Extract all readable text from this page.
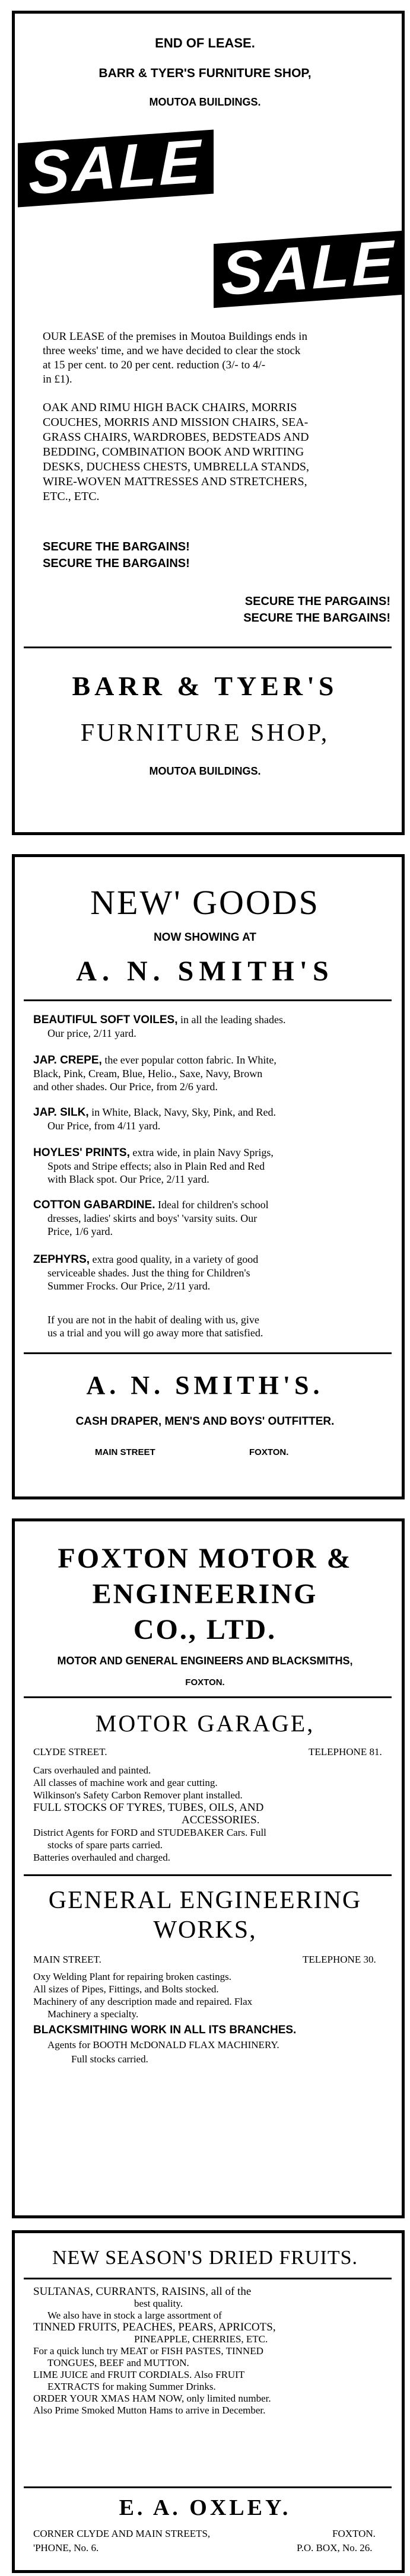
END OF LEASE.
BARR & TYER'S FURNITURE SHOP,
MOUTOA BUILDINGS.
SALE
SALE
OUR LEASE of the premises in Moutoa Buildings ends in
three weeks' time, and we have decided to clear the stock
at 15 per cent. to 20 per cent. reduction (3/- to 4/-
in £1).
OAK AND RIMU HIGH BACK CHAIRS, MORRIS
COUCHES, MORRIS AND MISSION CHAIRS, SEA-
GRASS CHAIRS, WARDROBES, BEDSTEADS AND
BEDDING, COMBINATION BOOK AND WRITING
DESKS, DUCHESS CHESTS, UMBRELLA STANDS,
WIRE-WOVEN MATTRESSES AND STRETCHERS,
ETC., ETC.
SECURE THE BARGAINS!
SECURE THE BARGAINS!
SECURE THE PARGAINS!
SECURE THE BARGAINS!
BARR & TYER'S
FURNITURE SHOP,
MOUTOA BUILDINGS.
NEW' GOODS
NOW SHOWING AT
A. N. SMITH'S
BEAUTIFUL SOFT VOILES, in all the leading shades.
Our price, 2/11 yard.
JAP. CREPE, the ever popular cotton fabric. In White,
Black, Pink, Cream, Blue, Helio., Saxe, Navy, Brown
and other shades. Our Price, from 2/6 yard.
JAP. SILK, in White, Black, Navy, Sky, Pink, and Red.
Our Price, from 4/11 yard.
HOYLES' PRINTS, extra wide, in plain Navy Sprigs,
Spots and Stripe effects; also in Plain Red and Red
with Black spot. Our Price, 2/11 yard.
COTTON GABARDINE. Ideal for children's school
dresses, ladies' skirts and boys' 'varsity suits. Our
Price, 1/6 yard.
ZEPHYRS, extra good quality, in a variety of good
serviceable shades. Just the thing for Children's
Summer Frocks. Our Price, 2/11 yard.
If you are not in the habit of dealing with us, give
us a trial and you will go away more that satisfied.
A. N. SMITH'S.
CASH DRAPER, MEN'S AND BOYS' OUTFITTER.
MAIN STREET	FOXTON.
FOXTON MOTOR &
ENGINEERING
CO., LTD.
MOTOR AND GENERAL ENGINEERS AND BLACKSMITHS,
FOXTON.
MOTOR GARAGE,
CLYDE STREET.	TELEPHONE 81.
Cars overhauled and painted.
All classes of machine work and gear cutting.
Wilkinson's Safety Carbon Remover plant installed.
FULL STOCKS OF TYRES, TUBES, OILS, AND
ACCESSORIES.
District Agents for FORD and STUDEBAKER Cars. Full
stocks of spare parts carried.
Batteries overhauled and charged.
GENERAL ENGINEERING
WORKS,
MAIN STREET.	TELEPHONE 30.
Oxy Welding Plant for repairing broken castings.
All sizes of Pipes, Fittings, and Bolts stocked.
Machinery of any description made and repaired. Flax
Machinery a specialty.
BLACKSMITHING WORK IN ALL ITS BRANCHES.
Agents for BOOTH McDONALD FLAX MACHINERY.
Full stocks carried.
NEW SEASON'S DRIED FRUITS.
SULTANAS, CURRANTS, RAISINS, all of the
best quality.
We also have in stock a large assortment of
TINNED FRUITS, PEACHES, PEARS, APRICOTS,
PINEAPPLE, CHERRIES, ETC.
For a quick lunch try MEAT or FISH PASTES, TINNED
TONGUES, BEEF and MUTTON.
LIME JUICE and FRUIT CORDIALS. Also FRUIT
EXTRACTS for making Summer Drinks.
ORDER YOUR XMAS HAM NOW, only limited number.
Also Prime Smoked Mutton Hams to arrive in December.
E. A. OXLEY.
CORNER CLYDE AND MAIN STREETS,	FOXTON.
'PHONE, No. 6.	P.O. BOX, No. 26.
